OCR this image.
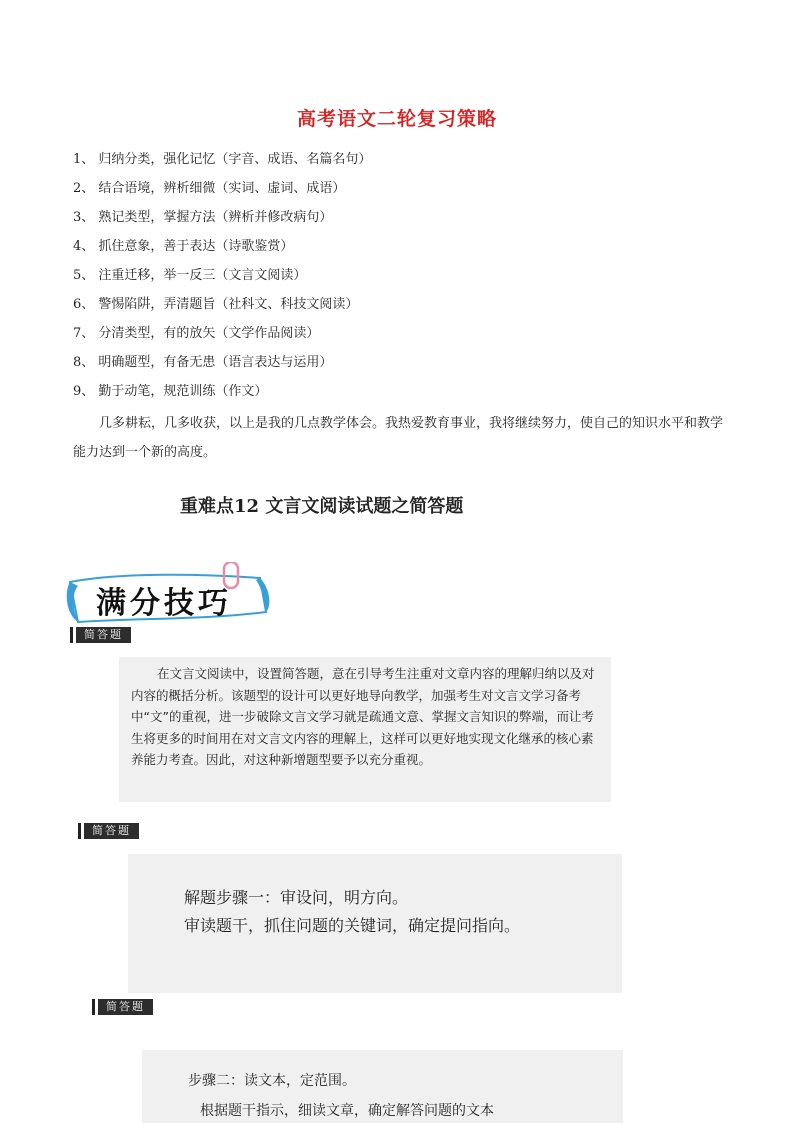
高考语文二轮复习策略
1、 归纳分类，强化记忆（字音、成语、名篇名句）
2、 结合语境，辨析细微（实词、虚词、成语）
3、 熟记类型，掌握方法（辨析并修改病句）
4、 抓住意象，善于表达（诗歌鉴赏）
5、 注重迁移，举一反三（文言文阅读）
6、 警惕陷阱，弄清题旨（社科文、科技文阅读）
7、 分清类型，有的放矢（文学作品阅读）
8、 明确题型，有备无患（语言表达与运用）
9、 勤于动笔，规范训练（作文）

几多耕耘，几多收获，以上是我的几点教学体会。我热爱教育事业，我将继续努力，使自己的知识水平和教学能力达到一个新的高度。

重难点12 文言文阅读试题之简答题
满分技巧
简答题

在文言文阅读中，设置简答题，意在引导考生注重对文章内容的理解归纳以及对内容的概括分析。该题型的设计可以更好地导向教学，加强考生对文言文学习备考中“文”的重视，进一步破除文言文学习就是疏通文意、掌握文言知识的弊端，而让考生将更多的时间用在对文言文内容的理解上，这样可以更好地实现文化继承的核心素养能力考查。因此，对这种新增题型要予以充分重视。

简答题

解题步骤一：审设问，明方向。

审读题干，抓住问题的关键词，确定提问指向。

简答题

步骤二：读文本，定范围。

根据题干指示，细读文章，确定解答问题的文本
